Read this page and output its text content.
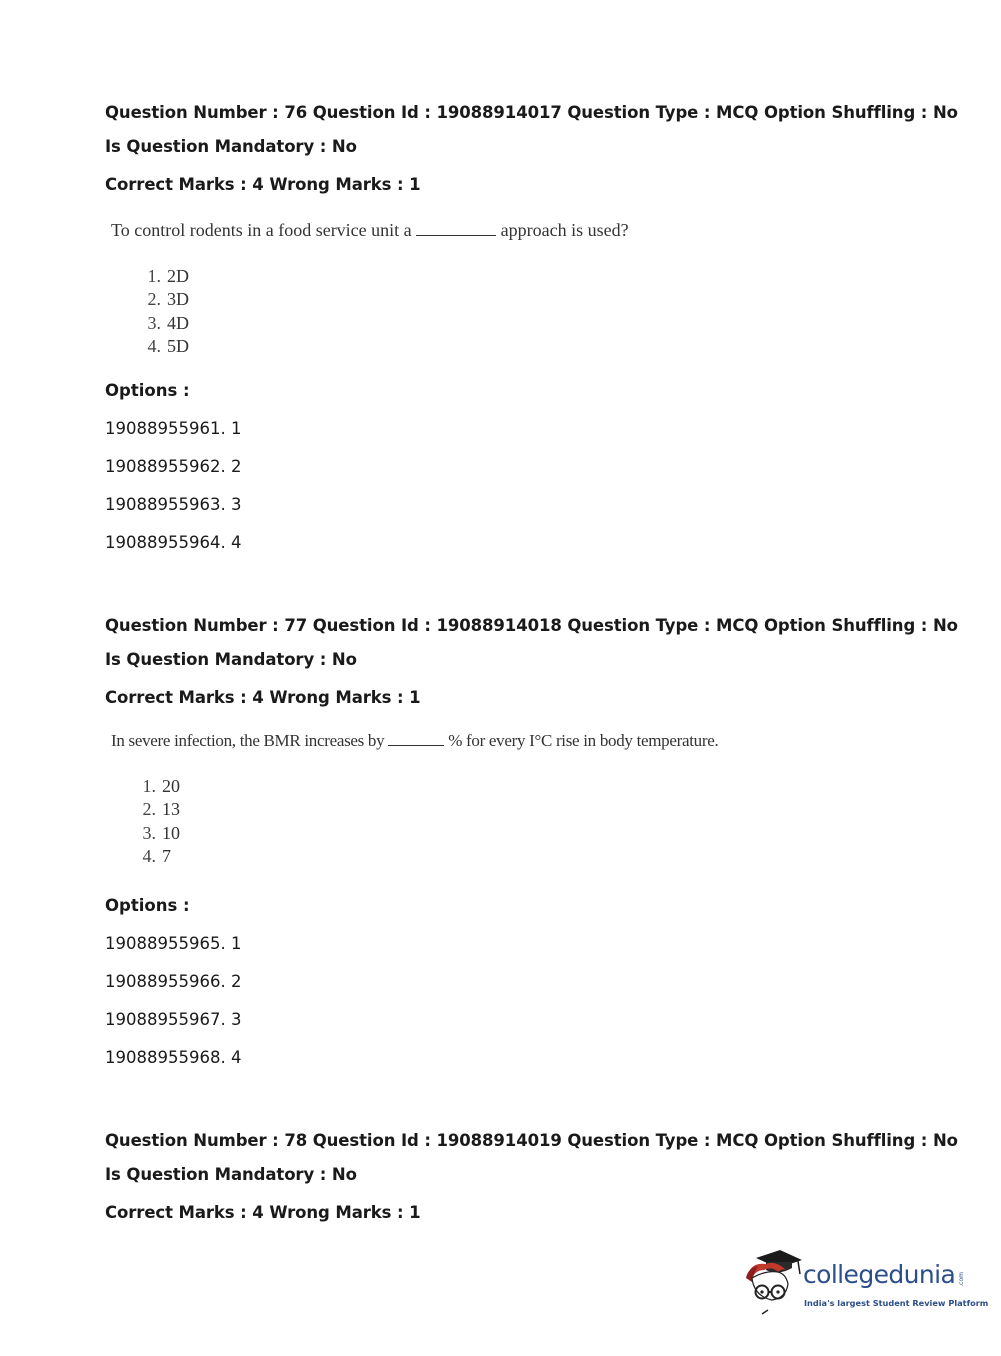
Question Number : 76 Question Id : 19088914017 Question Type : MCQ Option Shuffling : No
Is Question Mandatory : No
Correct Marks : 4 Wrong Marks : 1
To control rodents in a food service unit a	approach is used?
1. 2D
2. 3D
3. 4D
4. 5D
Options :
19088955961. 1
19088955962. 2
19088955963. 3
19088955964. 4
Question Number : 77 Question Id : 19088914018 Question Type : MCQ Option Shuffling : No
Is Question Mandatory : No
Correct Marks : 4 Wrong Marks : 1
In severe infection, the BMR increases by	% for every I°C rise in body temperature.
1. 20
2. 13
3. 10
4. 7
Options :
19088955965. 1
19088955966. 2
19088955967. 3
19088955968. 4
Question Number : 78 Question Id : 19088914019 Question Type : MCQ Option Shuffling : No
Is Question Mandatory : No
Correct Marks : 4 Wrong Marks : 1
collegedunia .com
India's largest Student Review Platform
